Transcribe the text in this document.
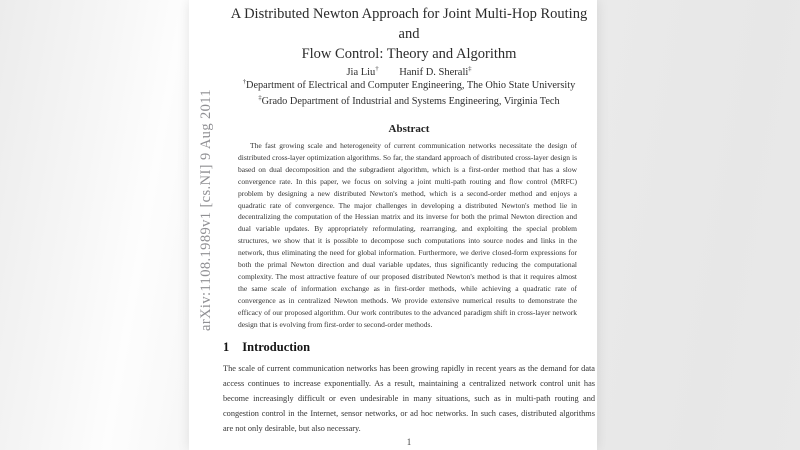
arXiv:1108.1989v1 [cs.NI] 9 Aug 2011
A Distributed Newton Approach for Joint Multi-Hop Routing and
Flow Control: Theory and Algorithm
Jia Liu† Hanif D. Sherali‡
†Department of Electrical and Computer Engineering, The Ohio State University
‡Grado Department of Industrial and Systems Engineering, Virginia Tech
Abstract

The fast growing scale and heterogeneity of current communication networks necessitate the design of distributed cross-layer optimization algorithms. So far, the standard approach of distributed cross-layer design is based on dual decomposition and the subgradient algorithm, which is a first-order method that has a slow convergence rate. In this paper, we focus on solving a joint multi-path routing and flow control (MRFC) problem by designing a new distributed Newton's method, which is a second-order method and enjoys a quadratic rate of convergence. The major challenges in developing a distributed Newton's method lie in decentralizing the computation of the Hessian matrix and its inverse for both the primal Newton direction and dual variable updates. By appropriately reformulating, rearranging, and exploiting the special problem structures, we show that it is possible to decompose such computations into source nodes and links in the network, thus eliminating the need for global information. Furthermore, we derive closed-form expressions for both the primal Newton direction and dual variable updates, thus significantly reducing the computational complexity. The most attractive feature of our proposed distributed Newton's method is that it requires almost the same scale of information exchange as in first-order methods, while achieving a quadratic rate of convergence as in centralized Newton methods. We provide extensive numerical results to demonstrate the efficacy of our proposed algorithm. Our work contributes to the advanced paradigm shift in cross-layer network design that is evolving from first-order to second-order methods.

1 Introduction

The scale of current communication networks has been growing rapidly in recent years as the demand for data access continues to increase exponentially. As a result, maintaining a centralized network control unit has become increasingly difficult or even undesirable in many situations, such as in multi-path routing and congestion control in the Internet, sensor networks, or ad hoc networks. In such cases, distributed algorithms are not only desirable, but also necessary.

1
